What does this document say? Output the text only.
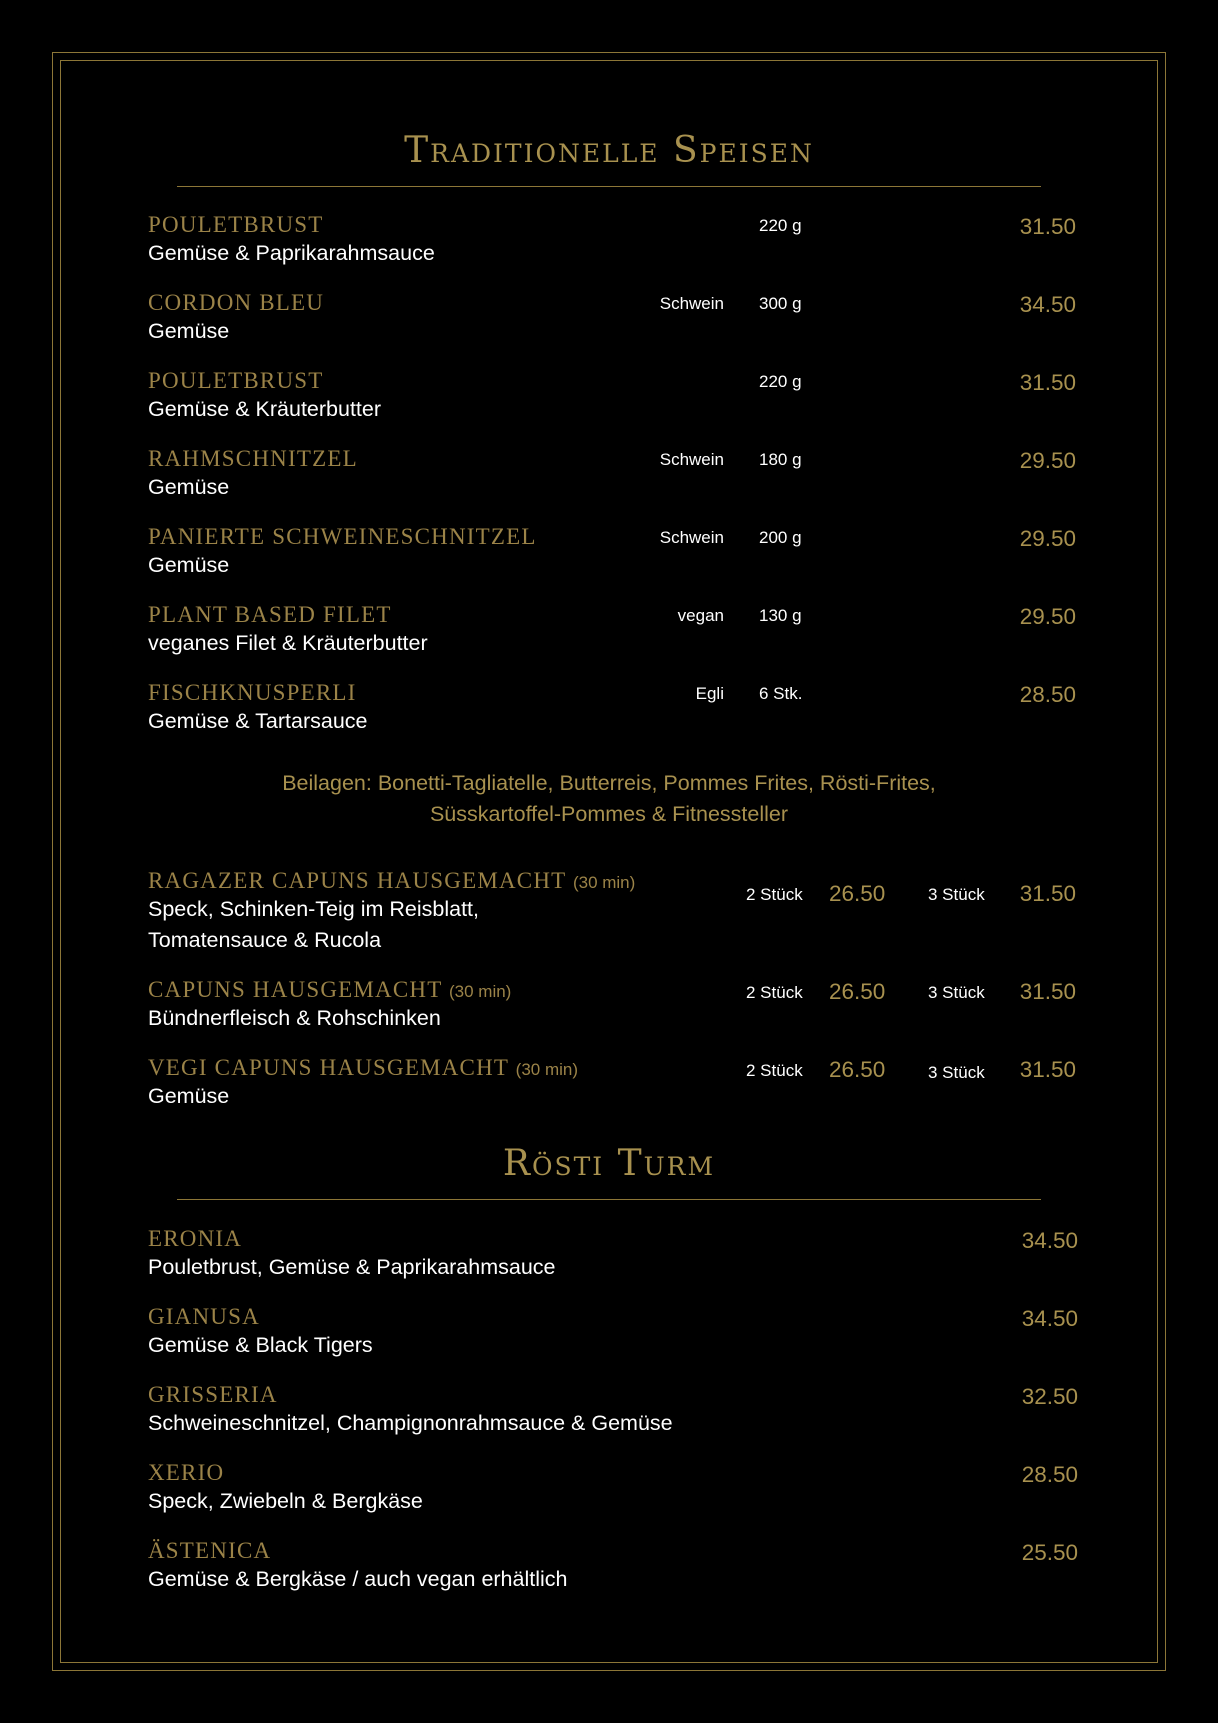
Traditionelle Speisen
POULETBRUST	220 g	31.50
Gemüse & Paprikarahmsauce
CORDON BLEU	Schwein 300 g	34.50
Gemüse
POULETBRUST	220 g	31.50
Gemüse & Kräuterbutter
RAHMSCHNITZEL	Schwein 180 g	29.50
Gemüse
PANIERTE SCHWEINESCHNITZEL	Schwein 200 g	29.50
Gemüse
PLANT BASED FILET	vegan 130 g	29.50
veganes Filet & Kräuterbutter
FISCHKNUSPERLI	Egli 6 Stk.	28.50
Gemüse & Tartarsauce
Beilagen: Bonetti-Tagliatelle, Butterreis, Pommes Frites, Rösti-Frites,
Süsskartoffel-Pommes & Fitnessteller
RAGAZER CAPUNS HAUSGEMACHT (30 min)
2 Stück 26.50	3 Stück 31.50
Speck, Schinken-Teig im Reisblatt,
Tomatensauce & Rucola
CAPUNS HAUSGEMACHT (30 min)	2 Stück 26.50	3 Stück 31.50
Bündnerfleisch & Rohschinken
VEGI CAPUNS HAUSGEMACHT (30 min)	2 Stück 26.50	3 Stück 31.50
Gemüse
Rösti Turm
ERONIA	34.50
Pouletbrust, Gemüse & Paprikarahmsauce
GIANUSA	34.50
Gemüse & Black Tigers
GRISSERIA	32.50
Schweineschnitzel, Champignonrahmsauce & Gemüse
XERIO	28.50
Speck, Zwiebeln & Bergkäse
ÄSTENICA	25.50
Gemüse & Bergkäse / auch vegan erhältlich
